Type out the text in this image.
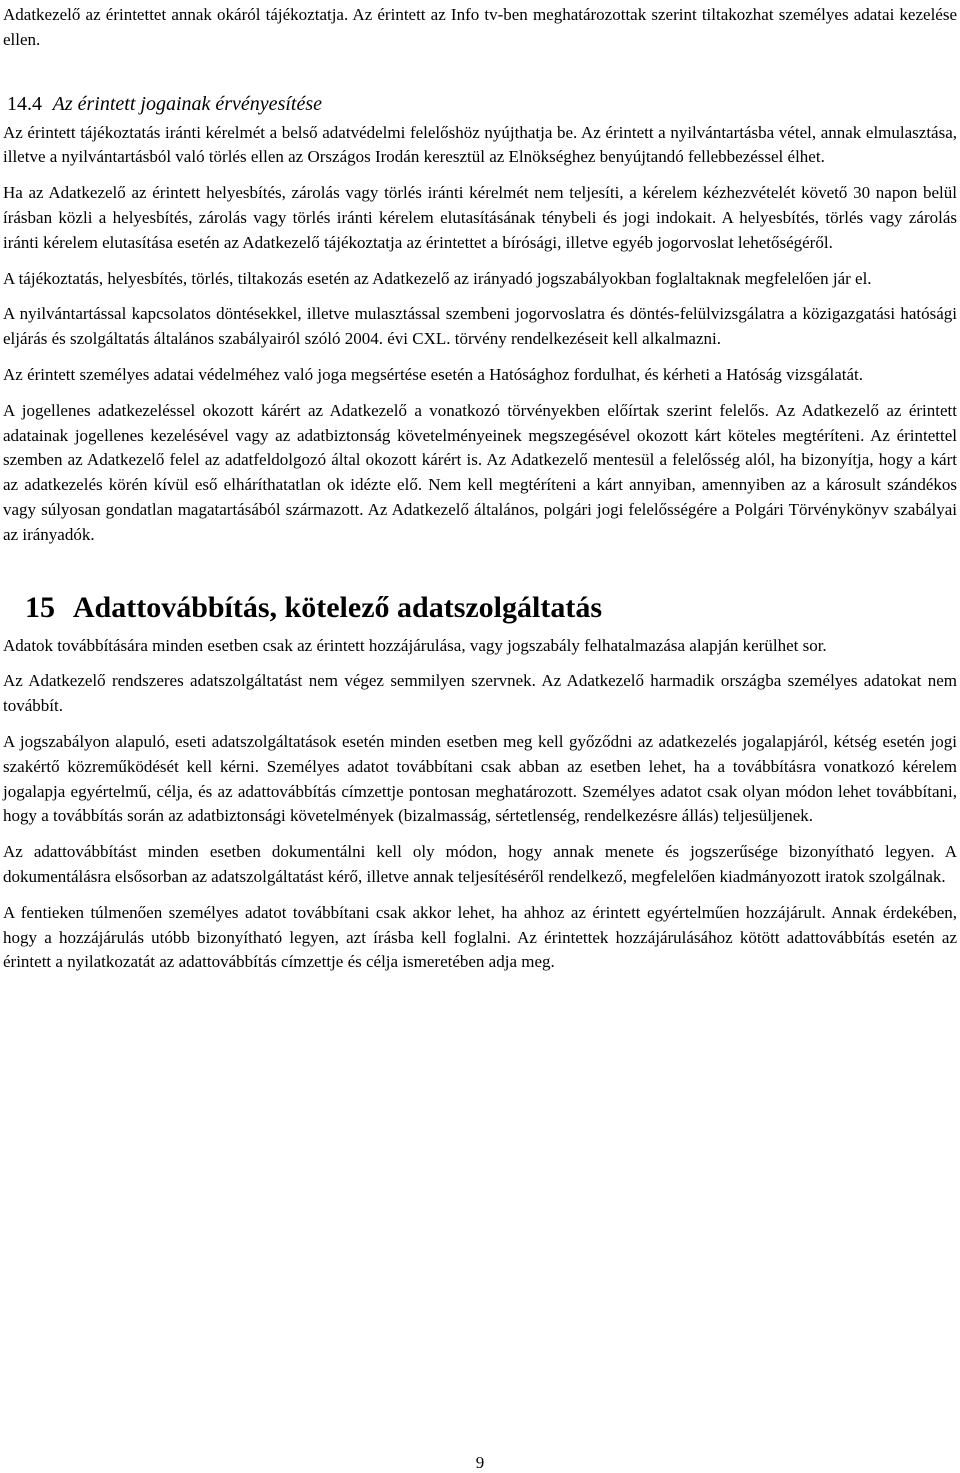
Adatkezelő az érintettet annak okáról tájékoztatja. Az érintett az Info tv-ben meghatározottak szerint tiltakozhat személyes adatai kezelése ellen.

14.4 Az érintett jogainak érvényesítése

Az érintett tájékoztatás iránti kérelmét a belső adatvédelmi felelőshöz nyújthatja be. Az érintett a nyilvántartásba vétel, annak elmulasztása, illetve a nyilvántartásból való törlés ellen az Országos Irodán keresztül az Elnökséghez benyújtandó fellebbezéssel élhet.

Ha az Adatkezelő az érintett helyesbítés, zárolás vagy törlés iránti kérelmét nem teljesíti, a kérelem kézhezvételét követő 30 napon belül írásban közli a helyesbítés, zárolás vagy törlés iránti kérelem elutasításának ténybeli és jogi indokait. A helyesbítés, törlés vagy zárolás iránti kérelem elutasítása esetén az Adatkezelő tájékoztatja az érintettet a bírósági, illetve egyéb jogorvoslat lehetőségéről.

A tájékoztatás, helyesbítés, törlés, tiltakozás esetén az Adatkezelő az irányadó jogszabályokban foglaltaknak megfelelően jár el.

A nyilvántartással kapcsolatos döntésekkel, illetve mulasztással szembeni jogorvoslatra és döntés-felülvizsgálatra a közigazgatási hatósági eljárás és szolgáltatás általános szabályairól szóló 2004. évi CXL. törvény rendelkezéseit kell alkalmazni.

Az érintett személyes adatai védelméhez való joga megsértése esetén a Hatósághoz fordulhat, és kérheti a Hatóság vizsgálatát.

A jogellenes adatkezeléssel okozott kárért az Adatkezelő a vonatkozó törvényekben előírtak szerint felelős. Az Adatkezelő az érintett adatainak jogellenes kezelésével vagy az adatbiztonság követelményeinek megszegésével okozott kárt köteles megtéríteni. Az érintettel szemben az Adatkezelő felel az adatfeldolgozó által okozott kárért is. Az Adatkezelő mentesül a felelősség alól, ha bizonyítja, hogy a kárt az adatkezelés körén kívül eső elháríthatatlan ok idézte elő. Nem kell megtéríteni a kárt annyiban, amennyiben az a károsult szándékos vagy súlyosan gondatlan magatartásából származott. Az Adatkezelő általános, polgári jogi felelősségére a Polgári Törvénykönyv szabályai az irányadók.

15 Adattovábbítás, kötelező adatszolgáltatás

Adatok továbbítására minden esetben csak az érintett hozzájárulása, vagy jogszabály felhatalmazása alapján kerülhet sor.

Az Adatkezelő rendszeres adatszolgáltatást nem végez semmilyen szervnek. Az Adatkezelő harmadik országba személyes adatokat nem továbbít.

A jogszabályon alapuló, eseti adatszolgáltatások esetén minden esetben meg kell győződni az adatkezelés jogalapjáról, kétség esetén jogi szakértő közreműködését kell kérni. Személyes adatot továbbítani csak abban az esetben lehet, ha a továbbításra vonatkozó kérelem jogalapja egyértelmű, célja, és az adattovábbítás címzettje pontosan meghatározott. Személyes adatot csak olyan módon lehet továbbítani, hogy a továbbítás során az adatbiztonsági követelmények (bizalmasság, sértetlenség, rendelkezésre állás) teljesüljenek.

Az adattovábbítást minden esetben dokumentálni kell oly módon, hogy annak menete és jogszerűsége bizonyítható legyen. A dokumentálásra elsősorban az adatszolgáltatást kérő, illetve annak teljesítéséről rendelkező, megfelelően kiadmányozott iratok szolgálnak.

A fentieken túlmenően személyes adatot továbbítani csak akkor lehet, ha ahhoz az érintett egyértelműen hozzájárult. Annak érdekében, hogy a hozzájárulás utóbb bizonyítható legyen, azt írásba kell foglalni. Az érintettek hozzájárulásához kötött adattovábbítás esetén az érintett a nyilatkozatát az adattovábbítás címzettje és célja ismeretében adja meg.

9
